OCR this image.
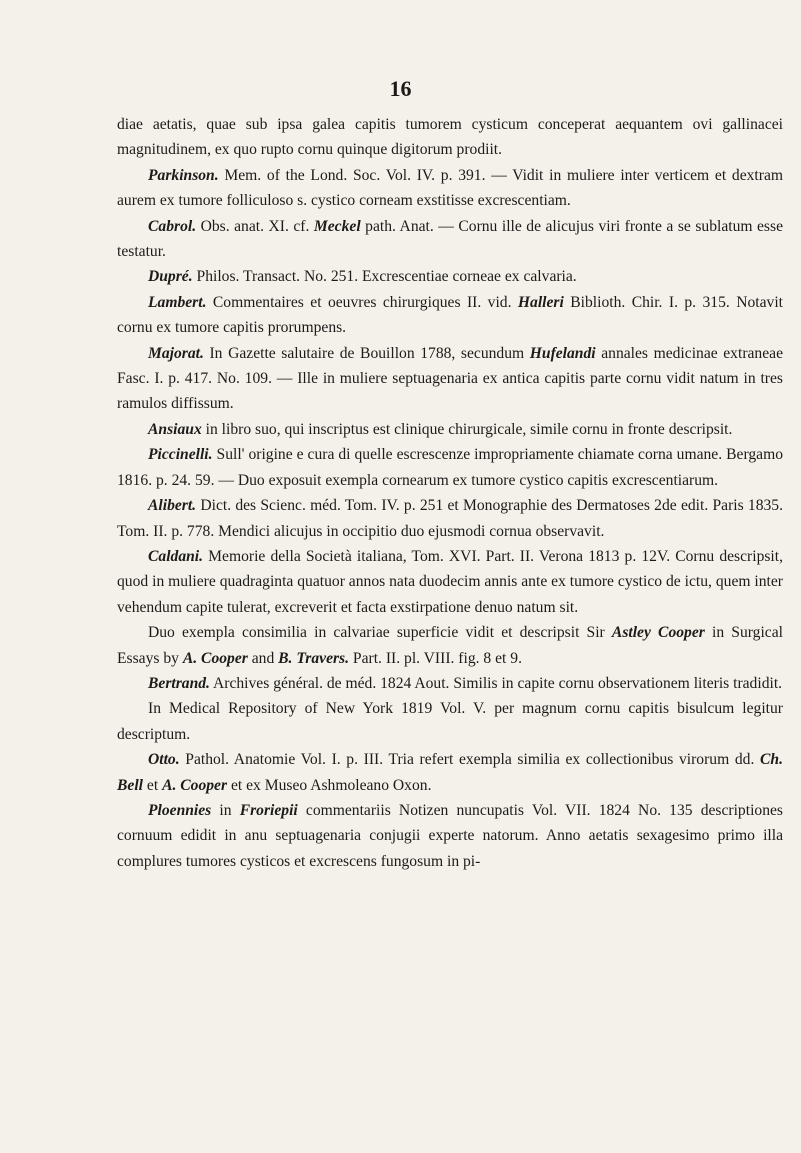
16

diae aetatis, quae sub ipsa galea capitis tumorem cysticum conceperat aequantem ovi gallinacei magnitudinem, ex quo rupto cornu quinque digitorum prodiit.

Parkinson. Mem. of the Lond. Soc. Vol. IV. p. 391. — Vidit in muliere inter verticem et dextram aurem ex tumore folliculoso s. cystico corneam exstitisse excrescentiam.

Cabrol. Obs. anat. XI. cf. Meckel path. Anat. — Cornu ille de alicujus viri fronte a se sublatum esse testatur.

Dupré. Philos. Transact. No. 251. Excrescentiae corneae ex calvaria.

Lambert. Commentaires et oeuvres chirurgiques II. vid. Halleri Biblioth. Chir. I. p. 315. Notavit cornu ex tumore capitis prorumpens.

Majorat. In Gazette salutaire de Bouillon 1788, secundum Hufelandi annales medicinae extraneae Fasc. I. p. 417. No. 109. — Ille in muliere septuagenaria ex antica capitis parte cornu vidit natum in tres ramulos diffissum.

Ansiaux in libro suo, qui inscriptus est clinique chirurgicale, simile cornu in fronte descripsit.

Piccinelli. Sull' origine e cura di quelle escrescenze impropriamente chiamate corna umane. Bergamo 1816. p. 24. 59. — Duo exposuit exempla cornearum ex tumore cystico capitis excrescentiarum.

Alibert. Dict. des Scienc. méd. Tom. IV. p. 251 et Monographie des Dermatoses 2de edit. Paris 1835. Tom. II. p. 778. Mendici alicujus in occipitio duo ejusmodi cornua observavit.

Caldani. Memorie della Società italiana, Tom. XVI. Part. II. Verona 1813 p. 12V. Cornu descripsit, quod in muliere quadraginta quatuor annos nata duodecim annis ante ex tumore cystico de ictu, quem inter vehendum capite tulerat, excreverit et facta exstirpatione denuo natum sit.

Duo exempla consimilia in calvariae superficie vidit et descripsit Sir Astley Cooper in Surgical Essays by A. Cooper and B. Travers. Part. II. pl. VIII. fig. 8 et 9.

Bertrand. Archives général. de méd. 1824 Aout. Similis in capite cornu observationem literis tradidit.

In Medical Repository of New York 1819 Vol. V. per magnum cornu capitis bisulcum legitur descriptum.

Otto. Pathol. Anatomie Vol. I. p. III. Tria refert exempla similia ex collectionibus virorum dd. Ch. Bell et A. Cooper et ex Museo Ashmoleano Oxon.

Ploennies in Froriepii commentariis Notizen nuncupatis Vol. VII. 1824 No. 135 descriptiones cornuum edidit in anu septuagenaria conjugii experte natorum. Anno aetatis sexagesimo primo illa complures tumores cysticos et excrescens fungosum in pi-
